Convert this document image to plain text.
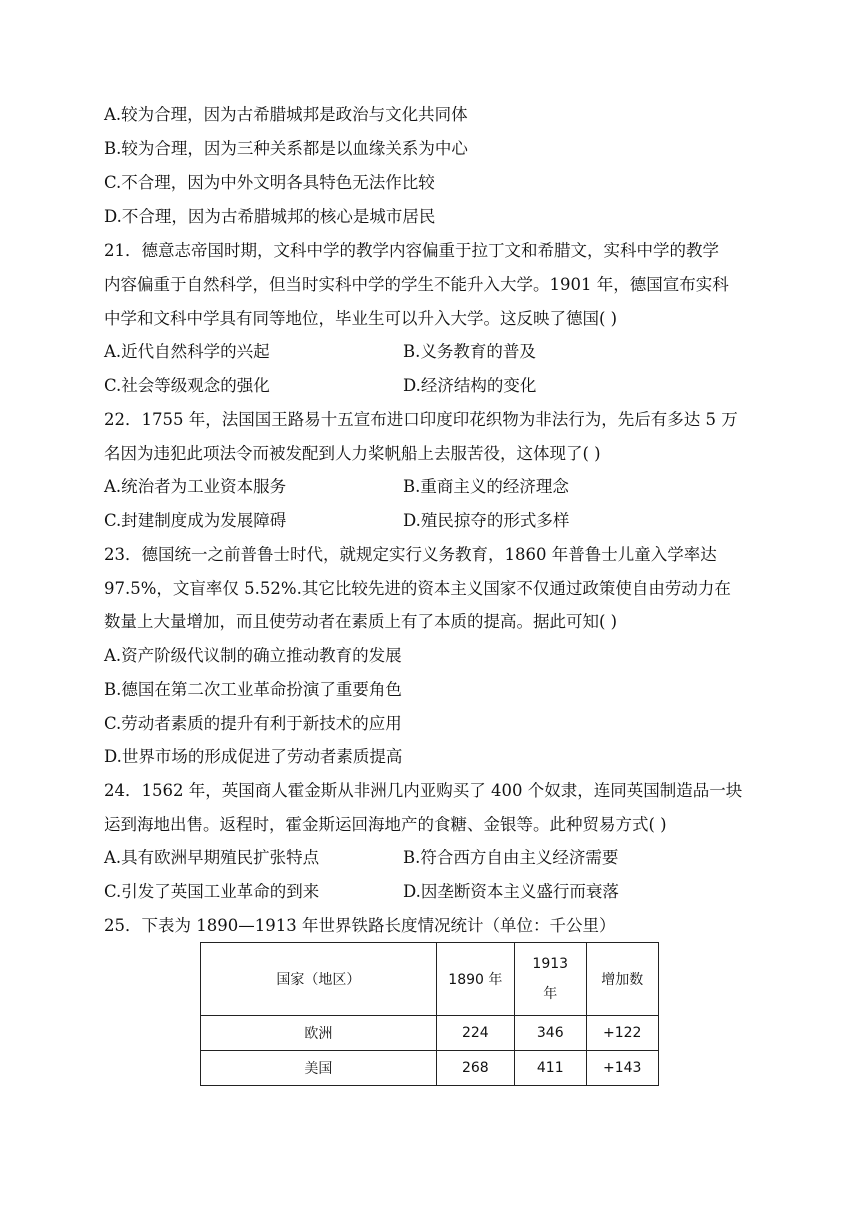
A.较为合理，因为古希腊城邦是政治与文化共同体
B.较为合理，因为三种关系都是以血缘关系为中心
C.不合理，因为中外文明各具特色无法作比较
D.不合理，因为古希腊城邦的核心是城市居民
21．德意志帝国时期，文科中学的教学内容偏重于拉丁文和希腊文，实科中学的教学
内容偏重于自然科学，但当时实科中学的学生不能升入大学。1901 年，德国宣布实科
中学和文科中学具有同等地位，毕业生可以升入大学。这反映了德国( )
A.近代自然科学的兴起	B.义务教育的普及
C.社会等级观念的强化	D.经济结构的变化
22．1755 年，法国国王路易十五宣布进口印度印花织物为非法行为，先后有多达 5 万
名因为违犯此项法令而被发配到人力桨帆船上去服苦役，这体现了( )
A.统治者为工业资本服务	B.重商主义的经济理念
C.封建制度成为发展障碍	D.殖民掠夺的形式多样
23．德国统一之前普鲁士时代，就规定实行义务教育，1860 年普鲁士儿童入学率达
97.5%，文盲率仅 5.52%.其它比较先进的资本主义国家不仅通过政策使自由劳动力在
数量上大量增加，而且使劳动者在素质上有了本质的提高。据此可知( )
A.资产阶级代议制的确立推动教育的发展
B.德国在第二次工业革命扮演了重要角色
C.劳动者素质的提升有利于新技术的应用
D.世界市场的形成促进了劳动者素质提高
24．1562 年，英国商人霍金斯从非洲几内亚购买了 400 个奴隶，连同英国制造品一块
运到海地出售。返程时，霍金斯运回海地产的食糖、金银等。此种贸易方式( )
A.具有欧洲早期殖民扩张特点	B.符合西方自由主义经济需要
C.引发了英国工业革命的到来	D.因垄断资本主义盛行而衰落
25．下表为 1890—1913 年世界铁路长度情况统计（单位：千公里）
国家（地区）	1890 年	1913 年	增加数
欧洲	224	346	+122
美国	268	411	+143
